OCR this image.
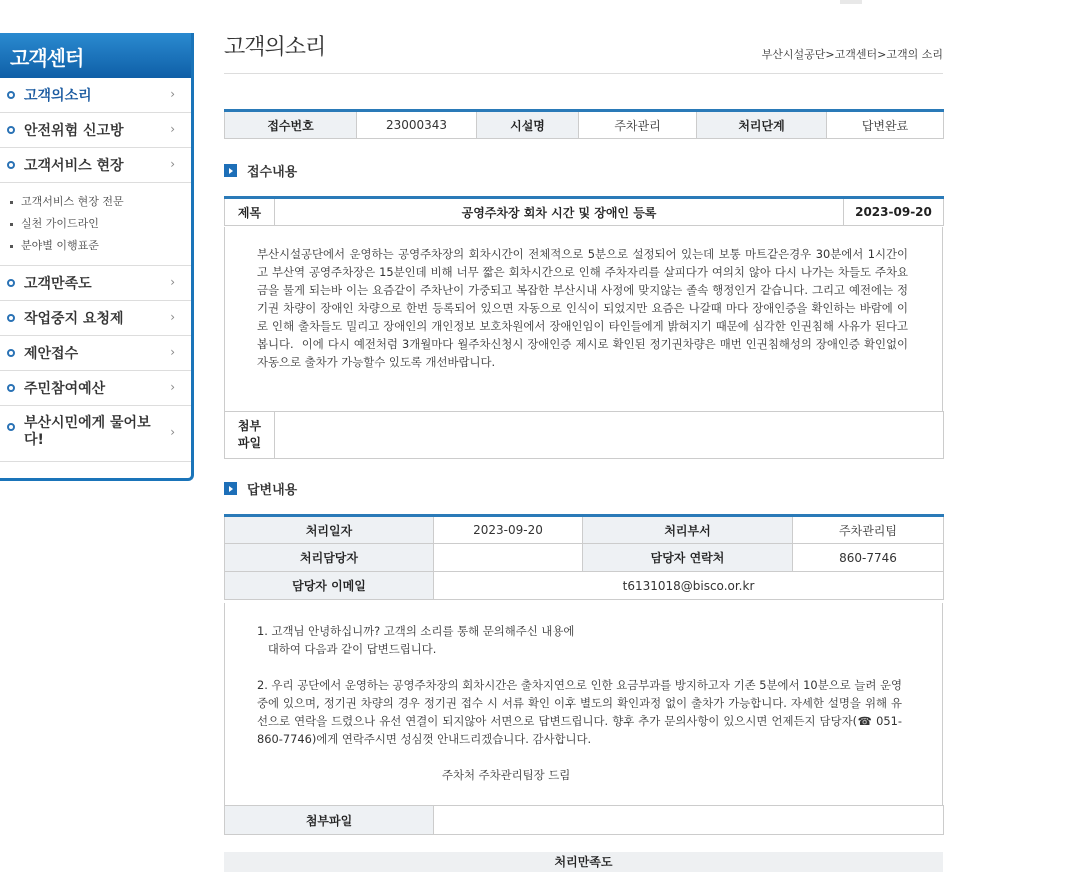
고객센터
고객의소리	›
안전위험 신고방	›
고객서비스 현장	›
고객서비스 현장 전문
실천 가이드라인
분야별 이행표준
고객만족도	›
작업중지 요청제	›
제안접수	›
주민참여예산	›
부산시민에게 물어보다!	›
고객의소리	부산시설공단>고객센터>고객의 소리
접수번호	23000343	시설명	주차관리	처리단계	답변완료
접수내용
제목	공영주차장 회차 시간 및 장애인 등록	2023-09-20
부산시설공단에서 운영하는 공영주차장의 회차시간이 전체적으로 5분으로 설정되어 있는데 보통 마트같은경우 30분에서 1시간이고 부산역 공영주차장은 15분인데 비해 너무 짧은 회차시간으로 인해 주차자리를 살피다가 여의치 않아 다시 나가는 차들도 주차요금을 물게 되는바 이는 요즘같이 주차난이 가중되고 복잡한 부산시내 사정에 맞지않는 졸속 행정인거 같습니다. 그리고 예전에는 정기권 차량이 장애인 차량으로 한번 등록되어 있으면 자동으로 인식이 되었지만 요즘은 나갈때 마다 장애인증을 확인하는 바람에 이로 인해 출차들도 밀리고 장애인의 개인정보 보호차원에서 장애인임이 타인들에게 밝혀지기 때문에 심각한 인권침해 사유가 된다고 봅니다.  이에 다시 예전처럼 3개월마다 월주차신청시 장애인증 제시로 확인된 정기권차량은 매번 인권침해성의 장애인증 확인없이 자동으로 출차가 가능할수 있도록 개선바랍니다.
첨부
파일	
답변내용
처리일자	2023-09-20	처리부서	주차관리팀
처리담당자		담당자 연락처	860-7746
담당자 이메일	t6131018@bisco.or.kr		
1. 고객님 안녕하십니까? 고객의 소리를 통해 문의해주신 내용에
대하여 다음과 같이 답변드립니다.
2. 우리 공단에서 운영하는 공영주차장의 회차시간은 출차지연으로 인한 요금부과를 방지하고자 기존 5분에서 10분으로 늘려 운영 중에 있으며, 정기권 차량의 경우 정기권 접수 시 서류 확인 이후 별도의 확인과정 없이 출차가 가능합니다. 자세한 설명을 위해 유선으로 연락을 드렸으나 유선 연결이 되지않아 서면으로 답변드립니다. 향후 추가 문의사항이 있으시면 언제든지 담당자(☎ 051-860-7746)에게 연락주시면 성심껏 안내드리겠습니다. 감사합니다.
주차처 주차관리팀장 드림
첨부파일	
처리만족도
